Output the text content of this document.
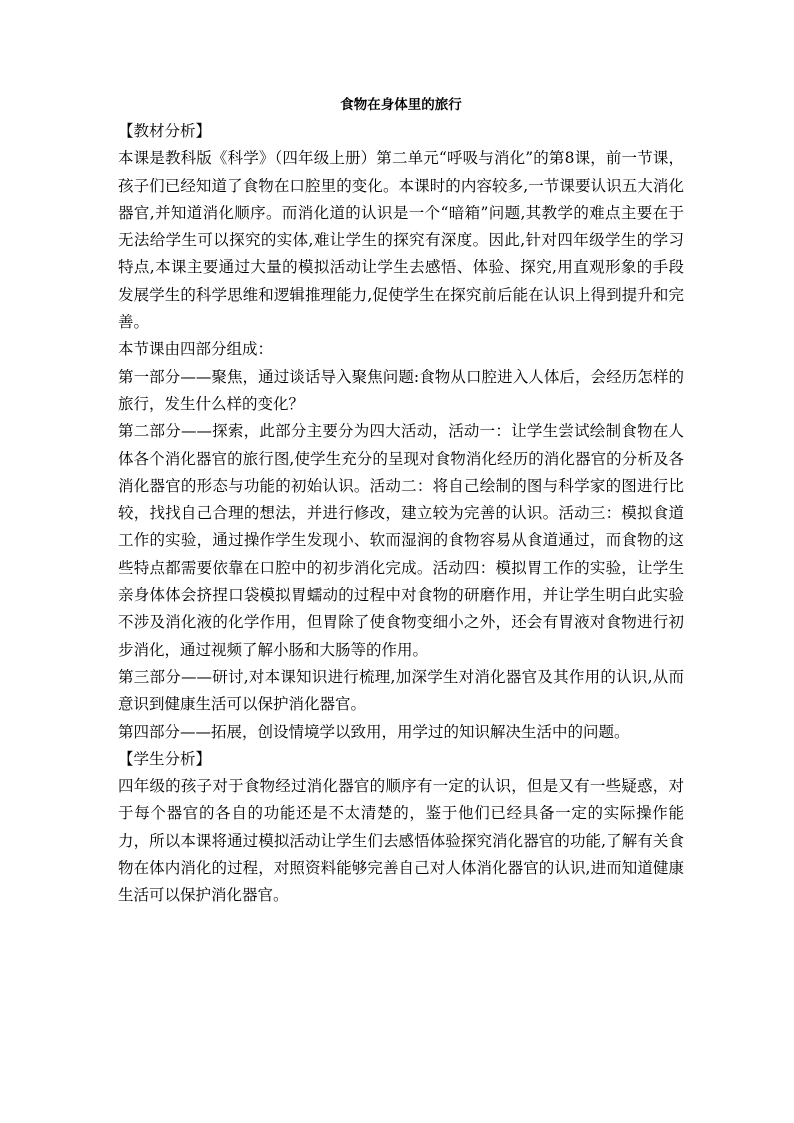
食物在身体里的旅行

【教材分析】

本课是教科版《科学》（四年级上册）第二单元“呼吸与消化”的第8课，前一节课，孩子们已经知道了食物在口腔里的变化。本课时的内容较多,一节课要认识五大消化器官,并知道消化顺序。而消化道的认识是一个“暗箱”问题,其教学的难点主要在于无法给学生可以探究的实体,难让学生的探究有深度。因此,针对四年级学生的学习特点,本课主要通过大量的模拟活动让学生去感悟、体验、探究,用直观形象的手段发展学生的科学思维和逻辑推理能力,促使学生在探究前后能在认识上得到提升和完善。

本节课由四部分组成：

第一部分——聚焦，通过谈话导入聚焦问题:食物从口腔进入人体后，会经历怎样的旅行，发生什么样的变化？

第二部分——探索，此部分主要分为四大活动，活动一：让学生尝试绘制食物在人体各个消化器官的旅行图,使学生充分的呈现对食物消化经历的消化器官的分析及各消化器官的形态与功能的初始认识。活动二：将自己绘制的图与科学家的图进行比较，找找自己合理的想法，并进行修改，建立较为完善的认识。活动三：模拟食道工作的实验，通过操作学生发现小、软而湿润的食物容易从食道通过，而食物的这些特点都需要依靠在口腔中的初步消化完成。活动四：模拟胃工作的实验，让学生亲身体体会挤捏口袋模拟胃蠕动的过程中对食物的研磨作用，并让学生明白此实验不涉及消化液的化学作用，但胃除了使食物变细小之外，还会有胃液对食物进行初步消化，通过视频了解小肠和大肠等的作用。

第三部分——研讨,对本课知识进行梳理,加深学生对消化器官及其作用的认识,从而意识到健康生活可以保护消化器官。

第四部分——拓展，创设情境学以致用，用学过的知识解决生活中的问题。

【学生分析】

四年级的孩子对于食物经过消化器官的顺序有一定的认识，但是又有一些疑惑，对于每个器官的各自的功能还是不太清楚的，鉴于他们已经具备一定的实际操作能力，所以本课将通过模拟活动让学生们去感悟体验探究消化器官的功能,了解有关食物在体内消化的过程，对照资料能够完善自己对人体消化器官的认识,进而知道健康生活可以保护消化器官。
